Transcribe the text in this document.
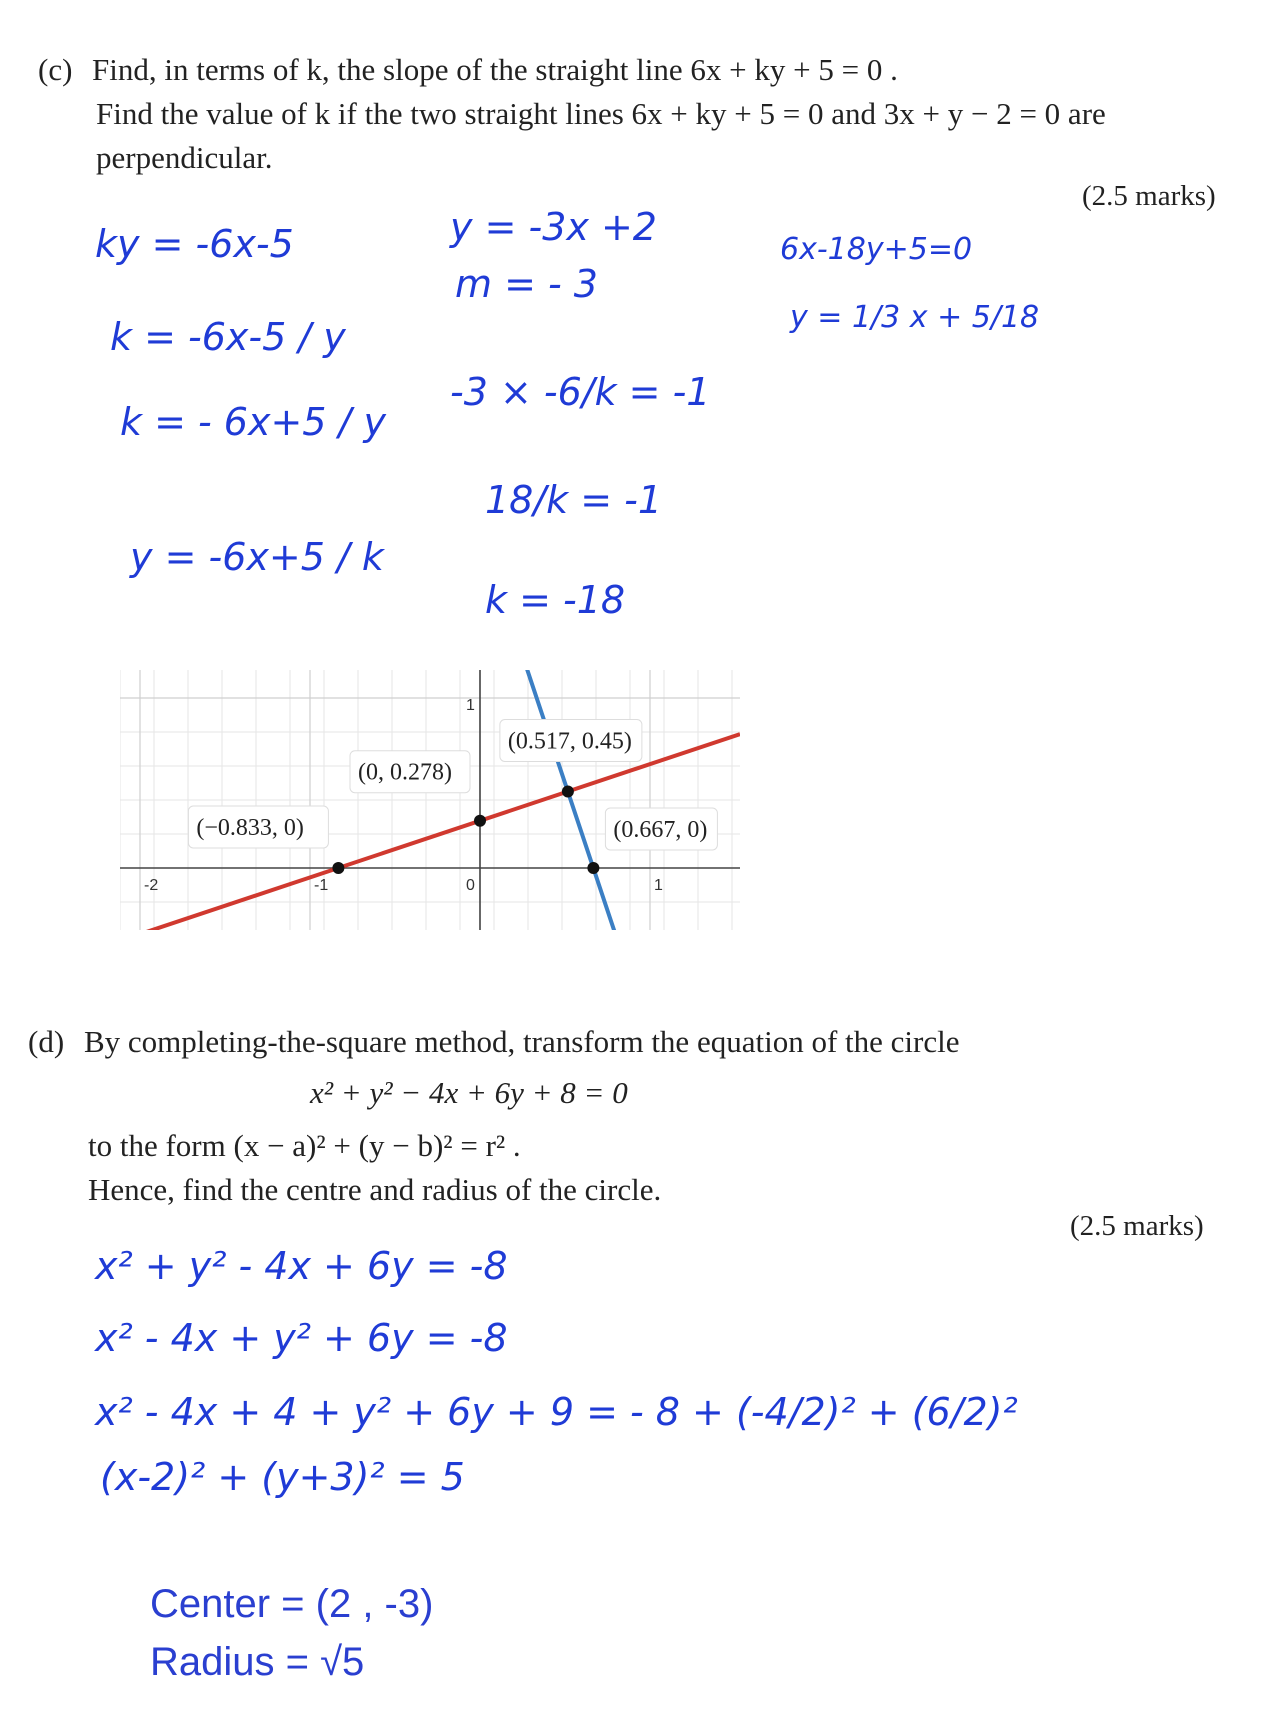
(c) Find, in terms of k, the slope of the straight line 6x + ky + 5 = 0 .
Find the value of k if the two straight lines 6x + ky + 5 = 0 and 3x + y − 2 = 0 are
perpendicular.
(2.5 marks)
ky = -6x-5
k = -6x-5 / y
k = - 6x+5 / y
y = -6x+5 / k
y = -3x +2
m = - 3
-3 × -6/k = -1
18/k = -1
k = -18
6x-18y+5=0
y = 1/3 x + 5/18
-2	-1	0	1
1
(−0.833, 0)
(0, 0.278)
(0.517, 0.45)
(0.667, 0)
(d) By completing-the-square method, transform the equation of the circle
x² + y² − 4x + 6y + 8 = 0
to the form (x − a)² + (y − b)² = r² .
Hence, find the centre and radius of the circle.
(2.5 marks)
x² + y² - 4x + 6y = -8
x² - 4x + y² + 6y = -8
x² - 4x + 4 + y² + 6y + 9 = - 8 + (-4/2)² + (6/2)²
(x-2)² + (y+3)² = 5
Center = (2 , -3)
Radius = √5
